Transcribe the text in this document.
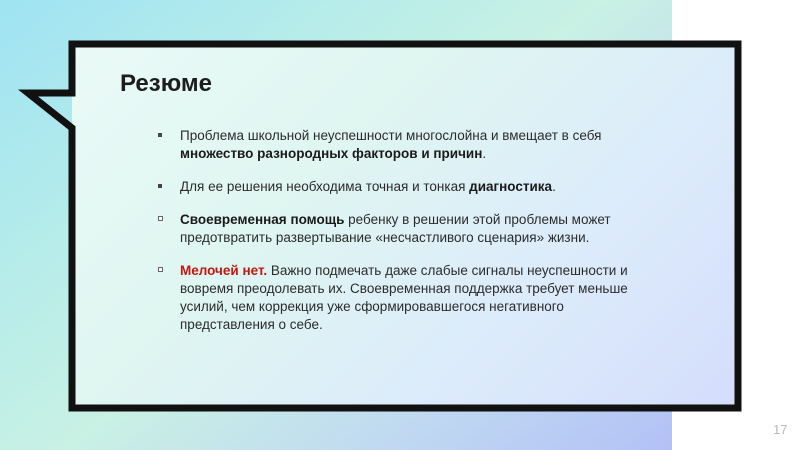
Резюме
Проблема школьной неуспешности многослойна и вмещает в себя множество разнородных факторов и причин.
Для ее решения необходима точная и тонкая диагностика.
Своевременная помощь ребенку в решении этой проблемы может предотвратить развертывание «несчастливого сценария» жизни.
Мелочей нет. Важно подмечать даже слабые сигналы неуспешности и вовремя преодолевать их. Своевременная поддержка требует меньше усилий, чем коррекция уже сформировавшегося негативного представления о себе.
17
